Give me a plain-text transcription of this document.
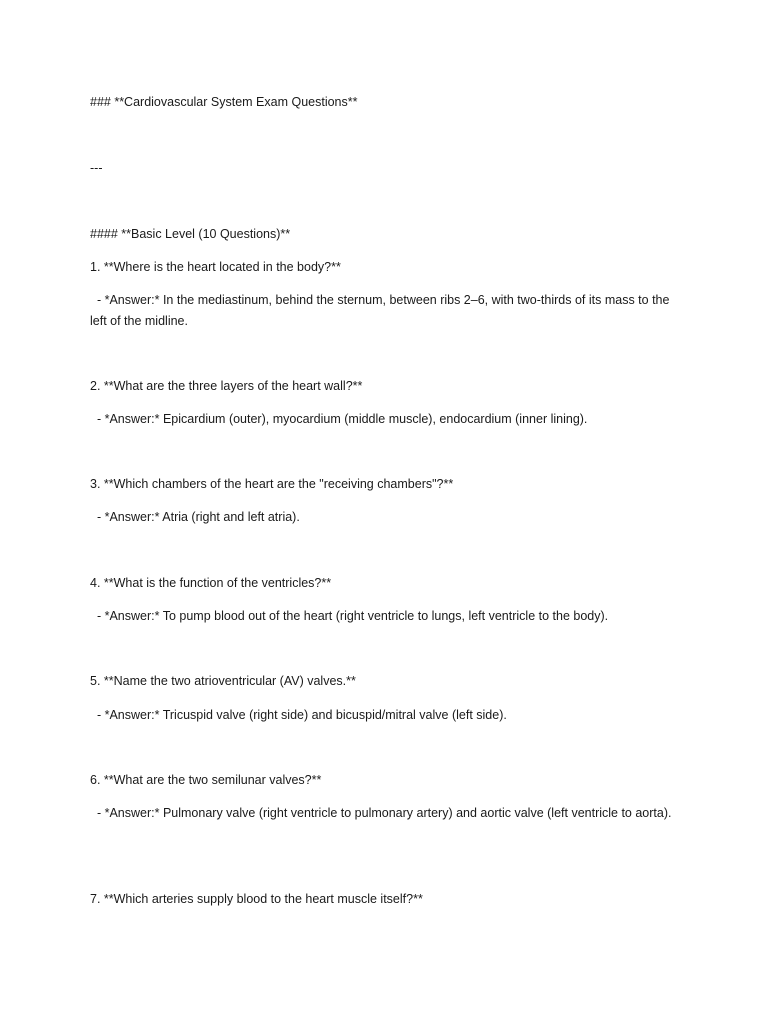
### **Cardiovascular System Exam Questions**
---
#### **Basic Level (10 Questions)**
1. **Where is the heart located in the body?**
- *Answer:* In the mediastinum, behind the sternum, between ribs 2–6, with two-thirds of its mass to the left of the midline.
2. **What are the three layers of the heart wall?**
- *Answer:* Epicardium (outer), myocardium (middle muscle), endocardium (inner lining).
3. **Which chambers of the heart are the "receiving chambers"?**
- *Answer:* Atria (right and left atria).
4. **What is the function of the ventricles?**
- *Answer:* To pump blood out of the heart (right ventricle to lungs, left ventricle to the body).
5. **Name the two atrioventricular (AV) valves.**
- *Answer:* Tricuspid valve (right side) and bicuspid/mitral valve (left side).
6. **What are the two semilunar valves?**
- *Answer:* Pulmonary valve (right ventricle to pulmonary artery) and aortic valve (left ventricle to aorta).
7. **Which arteries supply blood to the heart muscle itself?**
